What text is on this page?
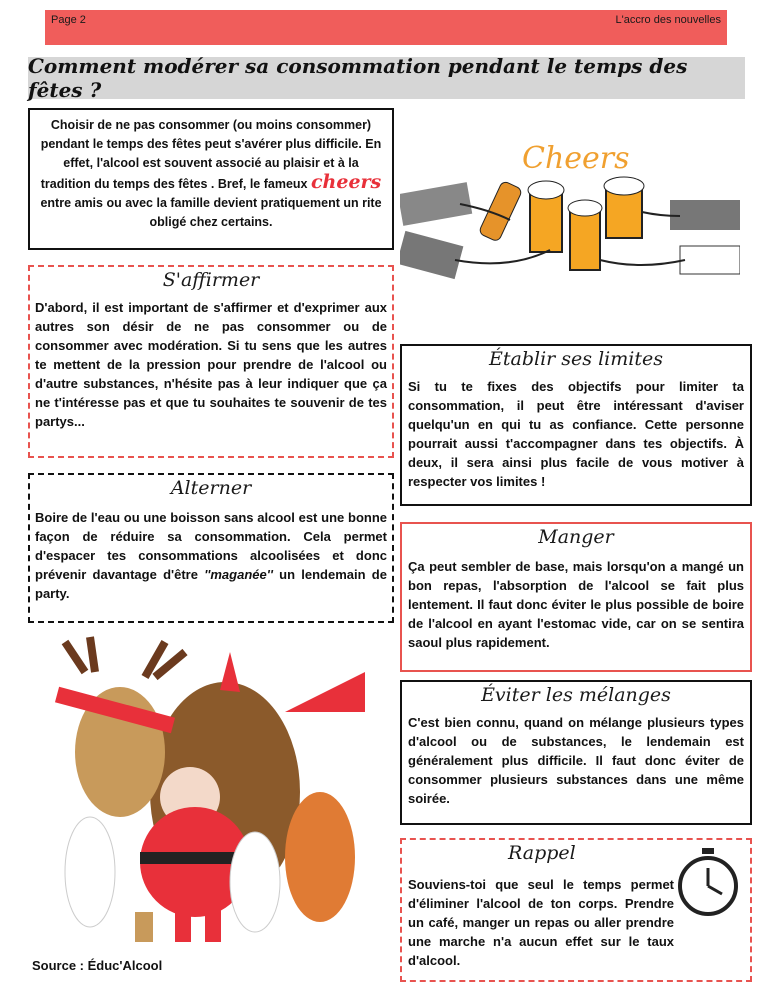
Page 2	L'accro des nouvelles
Comment modérer sa consommation pendant le temps des fêtes ?
Choisir de ne pas consommer (ou moins consommer) pendant le temps des fêtes peut s'avérer plus difficile. En effet, l'alcool est souvent associé au plaisir et à la tradition du temps des fêtes . Bref, le fameux cheers entre amis ou avec la famille devient pratiquement un rite obligé chez certains.
Cheers
S'affirmer
D'abord, il est important de s'affirmer et d'exprimer aux autres son désir de ne pas consommer ou de consommer avec modération. Si tu sens que les autres te mettent de la pression pour prendre de l'alcool ou d'autre substances, n'hésite pas à leur indiquer que ça ne t'intéresse pas et que tu souhaites te souvenir de tes partys...
Alterner
Boire de l'eau ou une boisson sans alcool est une bonne façon de réduire sa consommation. Cela permet d'espacer tes consommations alcoolisées et donc prévenir davantage d'être ''maganée'' un lendemain de party.
Établir ses limites
Si tu te fixes des objectifs pour limiter ta consommation, il peut être intéressant d'aviser quelqu'un en qui tu as confiance. Cette personne pourrait aussi t'accompagner dans tes objectifs. À deux, il sera ainsi plus facile de vous motiver à respecter vos limites !
Manger
Ça peut sembler de base, mais lorsqu'on a mangé un bon repas, l'absorption de l'alcool se fait plus lentement. Il faut donc éviter le plus possible de boire de l'alcool en ayant l'estomac vide, car on se sentira saoul plus rapidement.
Éviter les mélanges
C'est bien connu, quand on mélange plusieurs types d'alcool ou de substances, le lendemain est généralement plus difficile. Il faut donc éviter de consommer plusieurs substances dans une même soirée.
Rappel
Souviens-toi que seul le temps permet d'éliminer l'alcool de ton corps. Prendre un café, manger un repas ou aller prendre une marche n'a aucun effet sur le taux d'alcool.
Source : Éduc'Alcool
